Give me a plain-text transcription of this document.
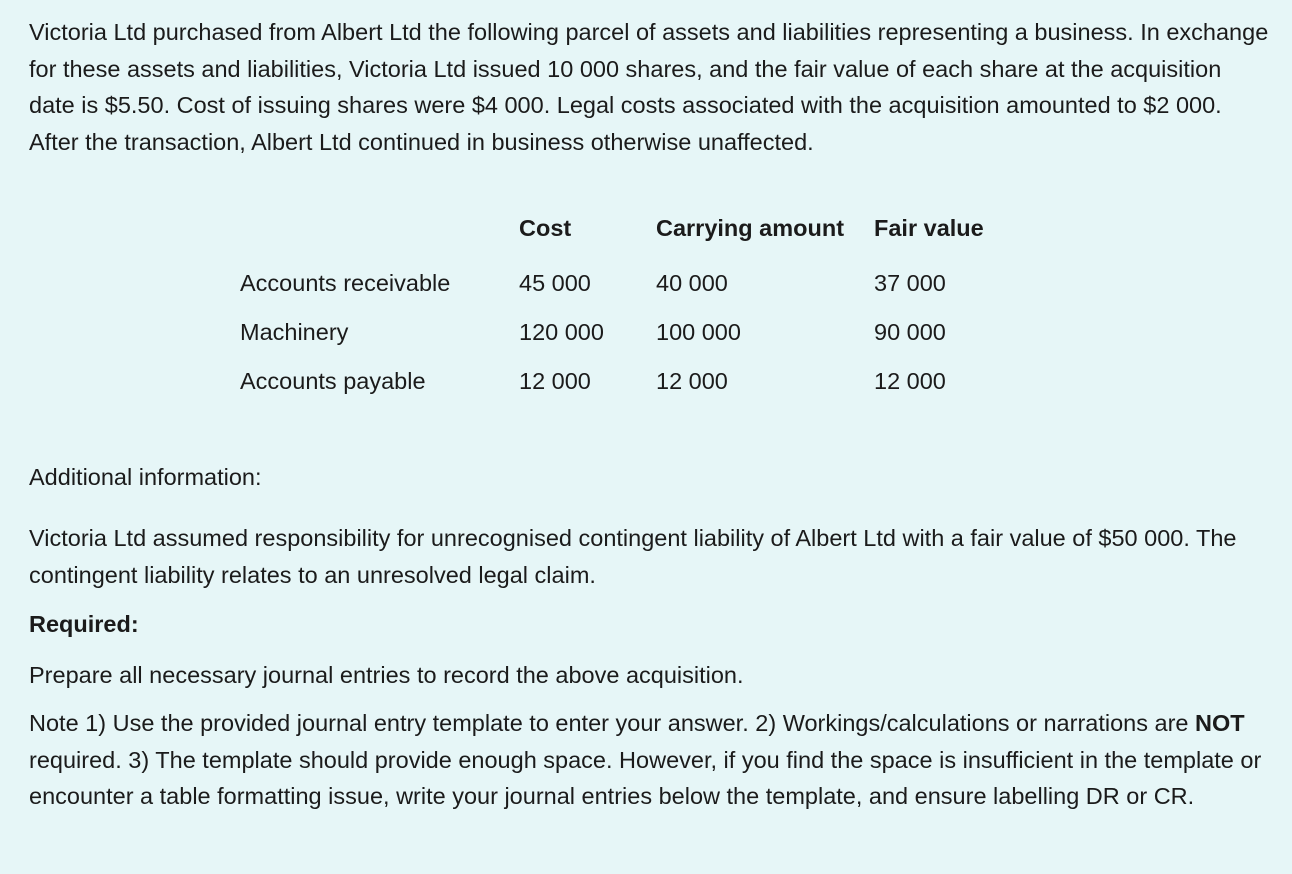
Victoria Ltd purchased from Albert Ltd the following parcel of assets and liabilities representing a business. In exchange for these assets and liabilities, Victoria Ltd issued 10 000 shares, and the fair value of each share at the acquisition date is $5.50. Cost of issuing shares were $4 000. Legal costs associated with the acquisition amounted to $2 000. After the transaction, Albert Ltd continued in business otherwise unaffected.

	Cost	Carrying amount	Fair value
Accounts receivable	45 000	40 000	37 000
Machinery	120 000	100 000	90 000
Accounts payable	12 000	12 000	12 000

Additional information:

Victoria Ltd assumed responsibility for unrecognised contingent liability of Albert Ltd with a fair value of $50 000. The contingent liability relates to an unresolved legal claim.

Required:

Prepare all necessary journal entries to record the above acquisition.

Note 1) Use the provided journal entry template to enter your answer. 2) Workings/calculations or narrations are NOT required. 3) The template should provide enough space. However, if you find the space is insufficient in the template or encounter a table formatting issue, write your journal entries below the template, and ensure labelling DR or CR.
